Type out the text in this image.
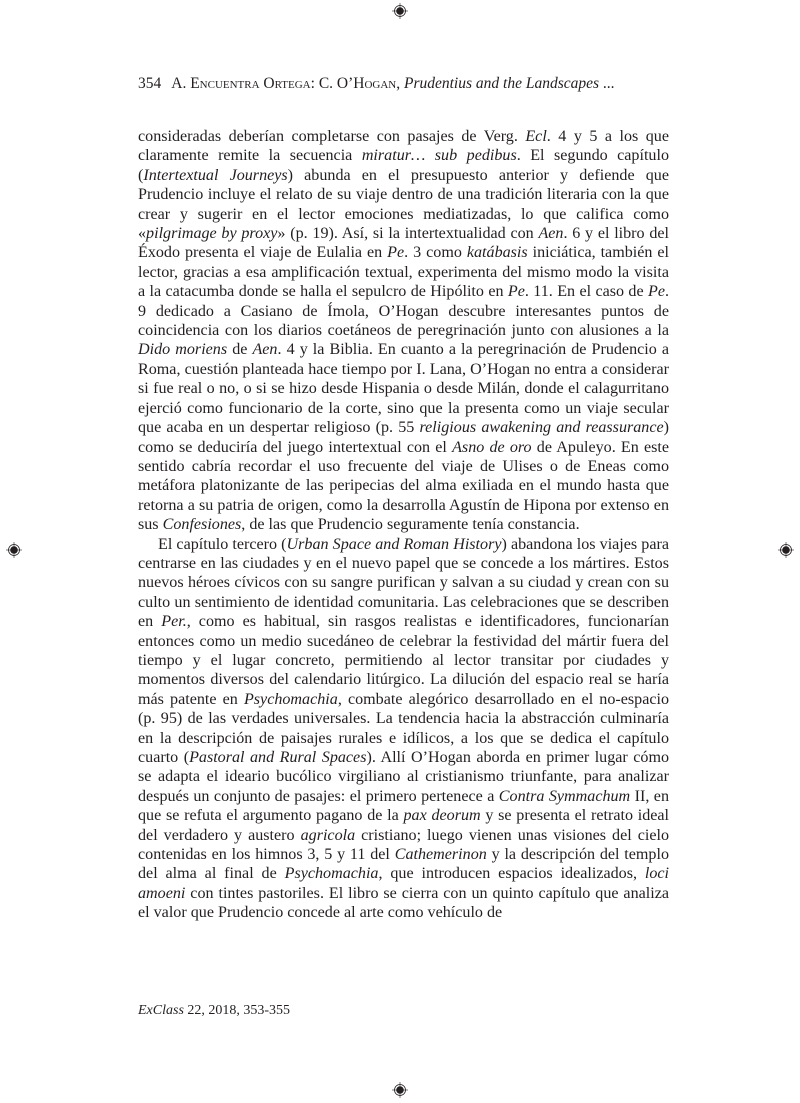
354 A. Encuentra Ortega: C. O’Hogan, Prudentius and the Landscapes ...

consideradas deberían completarse con pasajes de Verg. Ecl. 4 y 5 a los que claramente remite la secuencia miratur… sub pedibus. El segundo capítulo (Intertextual Journeys) abunda en el presupuesto anterior y defiende que Prudencio incluye el relato de su viaje dentro de una tradición literaria con la que crear y sugerir en el lector emociones mediatizadas, lo que califica como «pilgrimage by proxy» (p. 19). Así, si la intertextualidad con Aen. 6 y el libro del Éxodo presenta el viaje de Eulalia en Pe. 3 como katábasis iniciática, también el lector, gracias a esa amplificación textual, experimenta del mismo modo la visita a la catacumba donde se halla el sepulcro de Hipólito en Pe. 11. En el caso de Pe. 9 dedicado a Casiano de Ímola, O’Hogan descubre interesantes puntos de coincidencia con los diarios coetáneos de peregrinación junto con alusiones a la Dido moriens de Aen. 4 y la Biblia. En cuanto a la peregrinación de Prudencio a Roma, cuestión planteada hace tiempo por I. Lana, O’Hogan no entra a considerar si fue real o no, o si se hizo desde Hispania o desde Milán, donde el calagurritano ejerció como funcionario de la corte, sino que la presenta como un viaje secular que acaba en un despertar religioso (p. 55 religious awakening and reassurance) como se deduciría del juego intertextual con el Asno de oro de Apuleyo. En este sentido cabría recordar el uso frecuente del viaje de Ulises o de Eneas como metáfora platonizante de las peripecias del alma exiliada en el mundo hasta que retorna a su patria de origen, como la desarrolla Agustín de Hipona por extenso en sus Confesiones, de las que Prudencio seguramente tenía constancia.

El capítulo tercero (Urban Space and Roman History) abandona los viajes para centrarse en las ciudades y en el nuevo papel que se concede a los mártires. Estos nuevos héroes cívicos con su sangre purifican y salvan a su ciudad y crean con su culto un sentimiento de identidad comunitaria. Las celebraciones que se describen en Per., como es habitual, sin rasgos realistas e identificadores, funcionarían entonces como un medio sucedáneo de celebrar la festividad del mártir fuera del tiempo y el lugar concreto, permitiendo al lector transitar por ciudades y momentos diversos del calendario litúrgico. La dilución del espacio real se haría más patente en Psychomachia, combate alegórico desarrollado en el no-espacio (p. 95) de las verdades universales. La tendencia hacia la abstracción culminaría en la descripción de paisajes rurales e idílicos, a los que se dedica el capítulo cuarto (Pastoral and Rural Spaces). Allí O’Hogan aborda en primer lugar cómo se adapta el ideario bucólico virgiliano al cristianismo triunfante, para analizar después un conjunto de pasajes: el primero pertenece a Contra Symmachum II, en que se refuta el argumento pagano de la pax deorum y se presenta el retrato ideal del verdadero y austero agricola cristiano; luego vienen unas visiones del cielo contenidas en los himnos 3, 5 y 11 del Cathemerinon y la descripción del templo del alma al final de Psychomachia, que introducen espacios idealizados, loci amoeni con tintes pastoriles. El libro se cierra con un quinto capítulo que analiza el valor que Prudencio concede al arte como vehículo de

ExClass 22, 2018, 353-355
